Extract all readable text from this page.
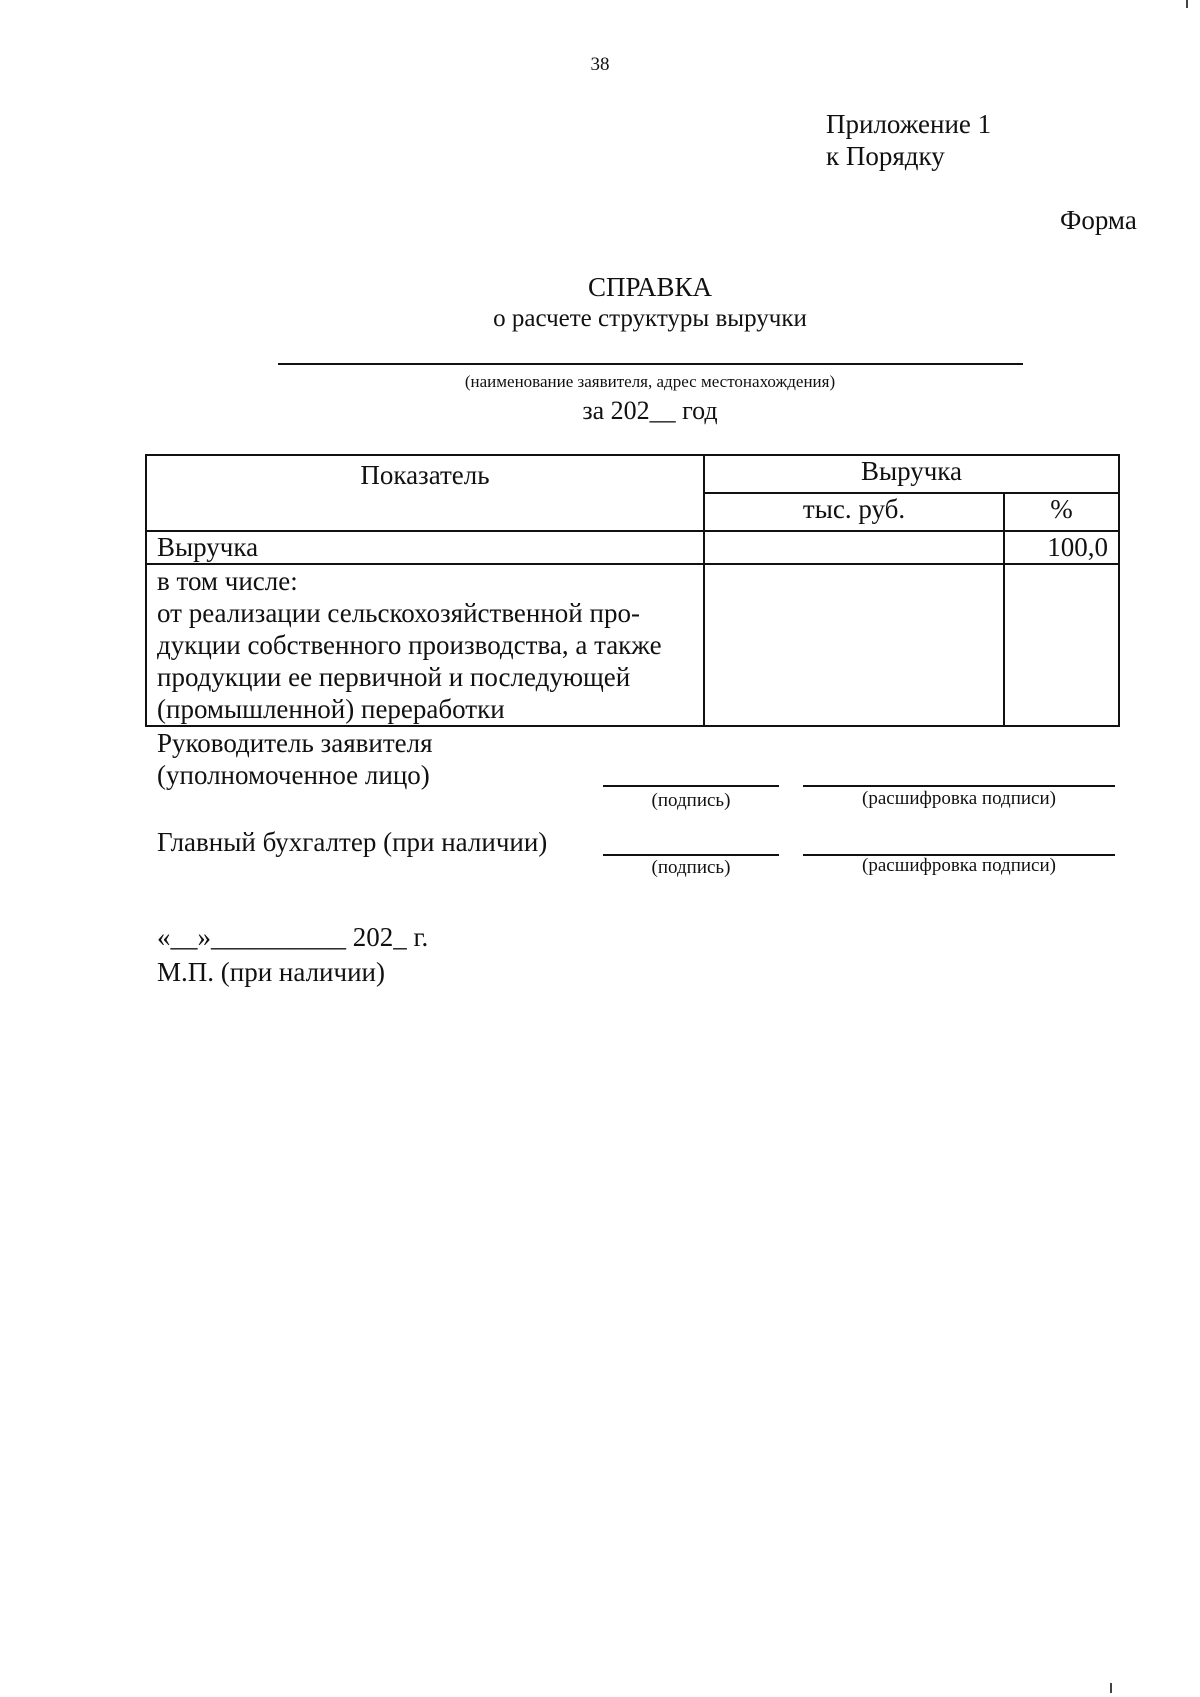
38
Приложение 1
к Порядку
Форма
СПРАВКА
о расчете структуры выручки
(наименование заявителя, адрес местонахождения)
за 202__ год
Показатель	Выручка	
	тыс. руб.	%
Выручка		100,0

в том числе:
от реализации сельскохозяйственной про-
дукции собственного производства, а также
продукции ее первичной и последующей
(промышленной) переработки		

Руководитель заявителя
(уполномоченное лицо)
(подпись)	(расшифровка подписи)
Главный бухгалтер (при наличии)
(подпись)	(расшифровка подписи)
«__»__________ 202_ г.
М.П. (при наличии)
